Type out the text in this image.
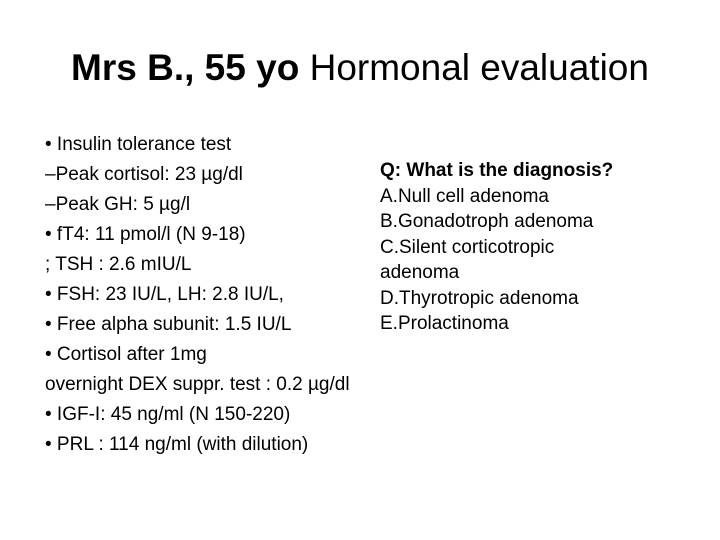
Mrs B., 55 yo Hormonal evaluation
• Insulin tolerance test
–Peak cortisol: 23 µg/dl
–Peak GH: 5 µg/l
• fT4: 11 pmol/l (N 9-18)
; TSH : 2.6 mIU/L
• FSH: 23 IU/L, LH: 2.8 IU/L,
• Free alpha subunit: 1.5 IU/L
• Cortisol after 1mg
overnight DEX suppr. test : 0.2 µg/dl
• IGF-I: 45 ng/ml (N 150-220)
• PRL : 114 ng/ml (with dilution)
Q: What is the diagnosis?
A.Null cell adenoma
B.Gonadotroph adenoma
C.Silent corticotropic
adenoma
D.Thyrotropic adenoma
E.Prolactinoma
